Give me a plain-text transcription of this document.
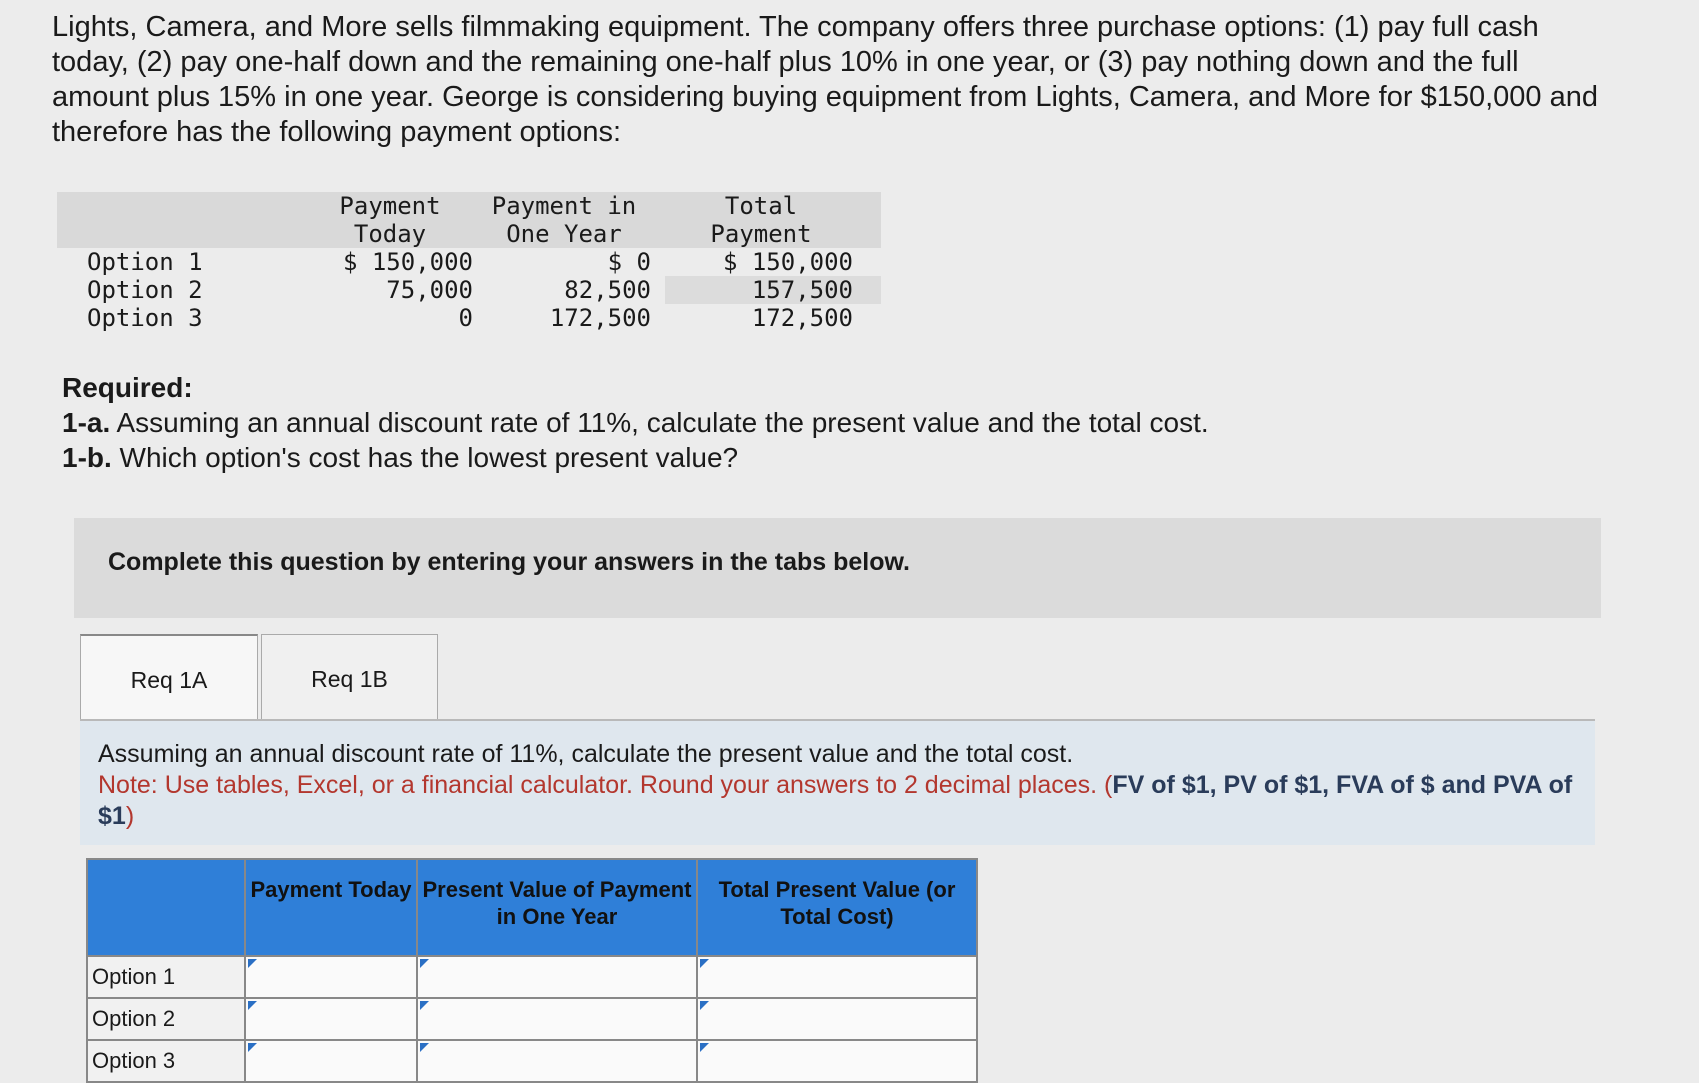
Lights, Camera, and More sells filmmaking equipment. The company offers three purchase options: (1) pay full cash today, (2) pay one-half down and the remaining one-half plus 10% in one year, or (3) pay nothing down and the full amount plus 15% in one year. George is considering buying equipment from Lights, Camera, and More for $150,000 and therefore has the following payment options:
	Payment Today	Payment in One Year	Total Payment
Option 1	$ 150,000	$ 0	$ 150,000
Option 2	75,000	82,500	157,500
Option 3	0	172,500	172,500
Required:
1-a. Assuming an annual discount rate of 11%, calculate the present value and the total cost.
1-b. Which option's cost has the lowest present value?
Complete this question by entering your answers in the tabs below.
Req 1A	Req 1B
Assuming an annual discount rate of 11%, calculate the present value and the total cost.
Note: Use tables, Excel, or a financial calculator. Round your answers to 2 decimal places. (FV of $1, PV of $1, FVA of $ and PVA of $1)
	Payment Today	Present Value of Payment in One Year	Total Present Value (or Total Cost)
Option 1			
Option 2			
Option 3			
